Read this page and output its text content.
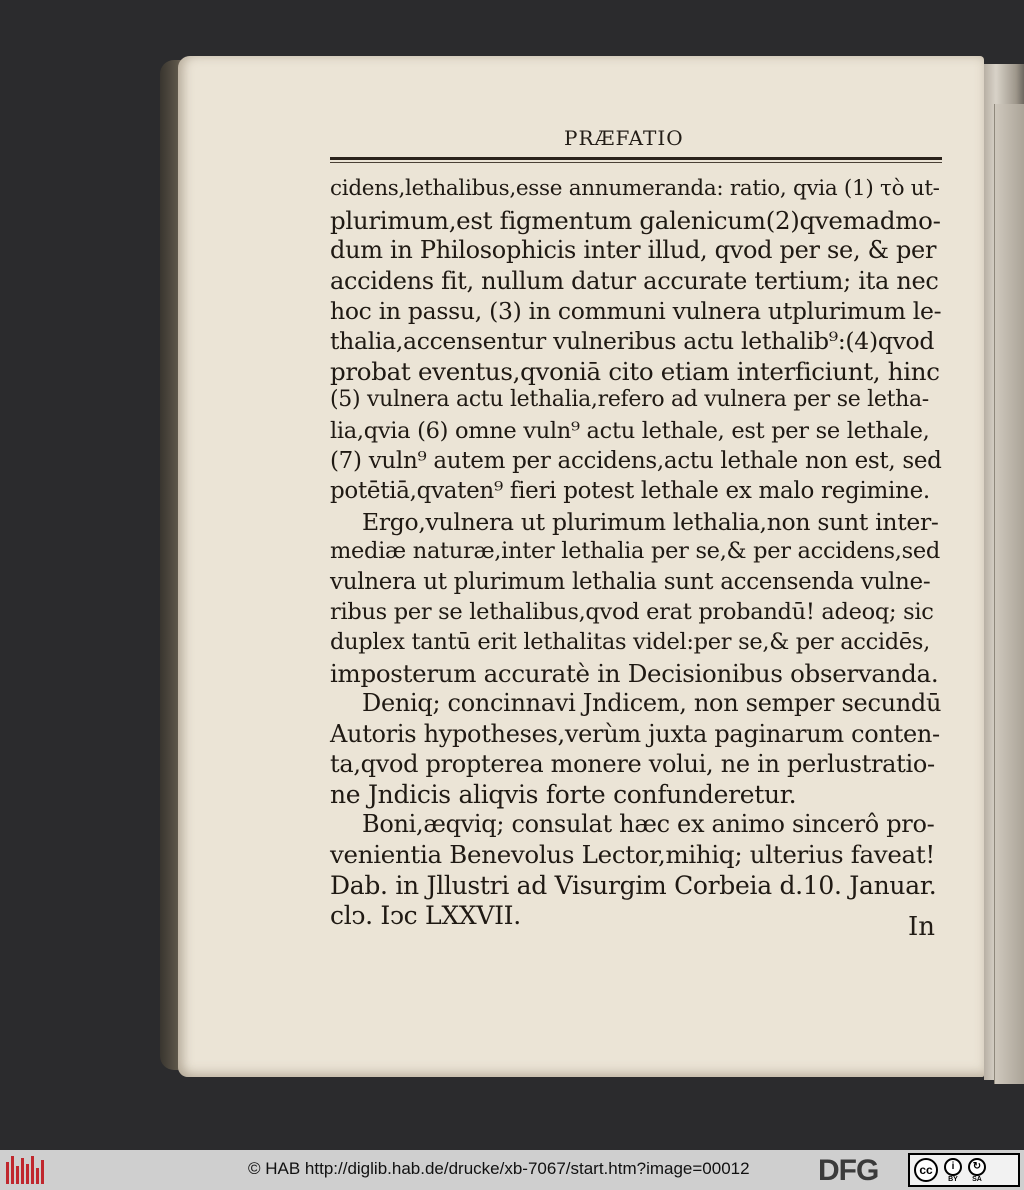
PRÆFATIO
cidens,lethalibus,esse annumeranda: ratio, qvia (1) τὸ ut-
plurimum,est figmentum galenicum(2)qvemadmo-
dum in Philosophicis inter illud, qvod per se, & per
accidens fit, nullum datur accurate tertium; ita nec
hoc in passu, (3) in communi vulnera utplurimum le-
thalia,accensentur vulneribus actu lethalib⁹:(4)qvod
probat eventus,qvoniā cito etiam interficiunt, hinc
(5) vulnera actu lethalia,refero ad vulnera per se letha-
lia,qvia (6) omne vuln⁹ actu lethale, est per se lethale,
(7) vuln⁹ autem per accidens,actu lethale non est, sed
potētiā,qvaten⁹ fieri potest lethale ex malo regimine.
Ergo,vulnera ut plurimum lethalia,non sunt inter-
mediæ naturæ,inter lethalia per se,& per accidens,sed
vulnera ut plurimum lethalia sunt accensenda vulne-
ribus per se lethalibus,qvod erat probandū! adeoq; sic
duplex tantū erit lethalitas videl:per se,& per accidēs,
imposterum accuratè in Decisionibus observanda.
Deniq; concinnavi Jndicem, non semper secundū
Autoris hypotheses,verùm juxta paginarum conten-
ta,qvod propterea monere volui, ne in perlustratio-
ne Jndicis aliqvis forte confunderetur.
Boni,æqviq; consulat hæc ex animo sincerô pro-
venientia Benevolus Lector,mihiq; ulterius faveat!
Dab. in Jllustri ad Visurgim Corbeia d.10. Januar.
clↄ. Iↄc LXXVII.	In
© HAB http://diglib.hab.de/drucke/xb-7067/start.htm?image=00012 DFG	cc	i
BY
↻
SA
